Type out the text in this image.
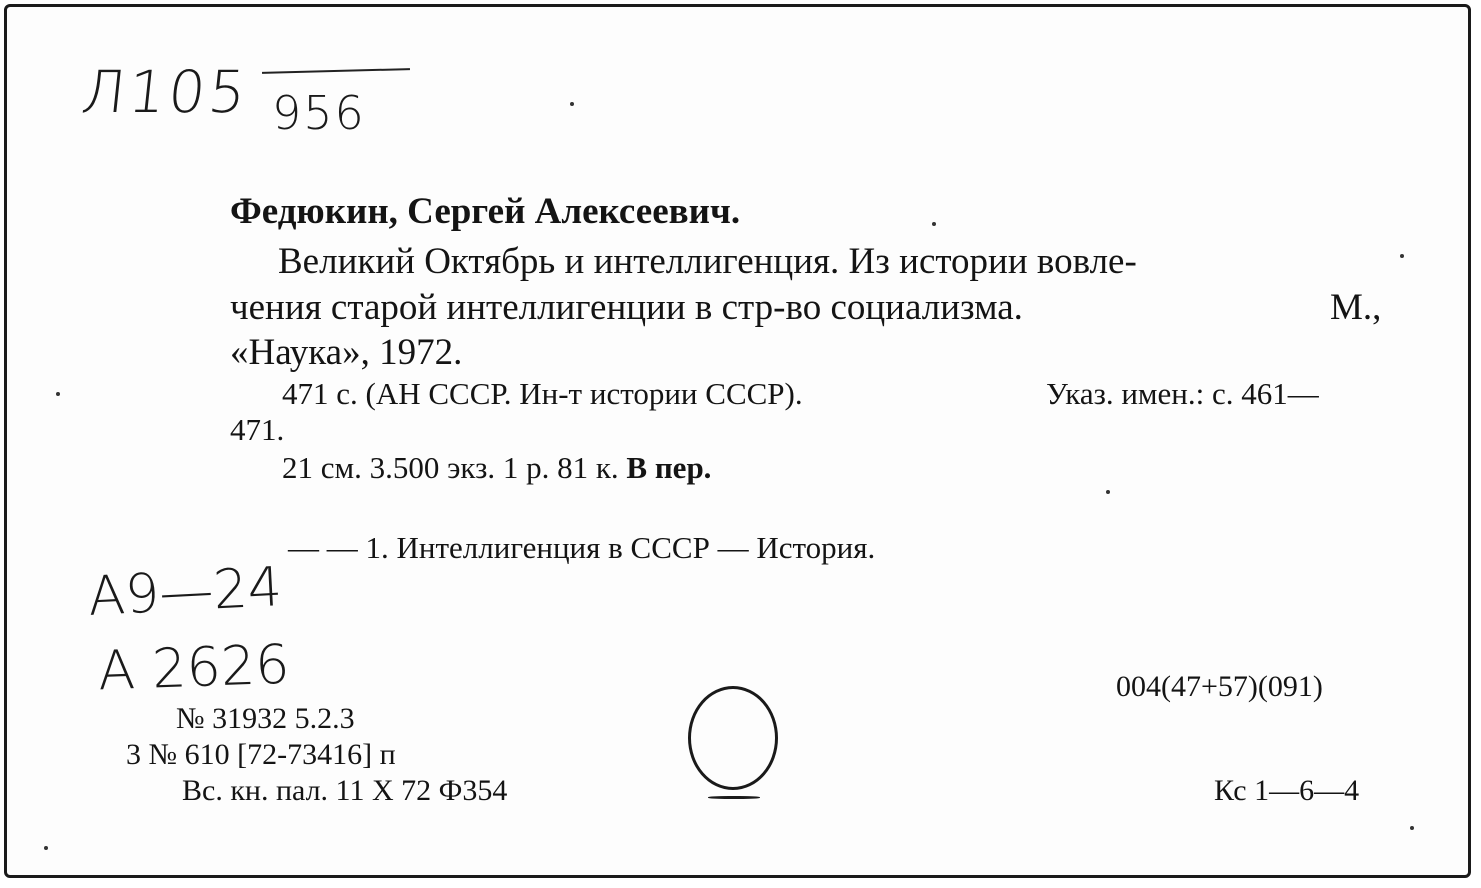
Л105 956
Федюкин, Сергей Алексеевич.
Великий Октябрь и интеллигенция. Из истории вовле-
чения старой интеллигенции в стр-во социализма.	М.,
«Наука», 1972.
471 с. (АН СССР. Ин-т истории СССР).	Указ. имен.: с. 461—
471.
21 см. 3.500 экз. 1 р. 81 к. В пер.
— — 1. Интеллигенция в СССР — История.
А9—24
А 2626
№ 31932 5.2.3
3 № 610 [72-73416] п
Вс. кн. пал. 11 X 72 Ф354
004(47+57)(091)
Кс 1—6—4
